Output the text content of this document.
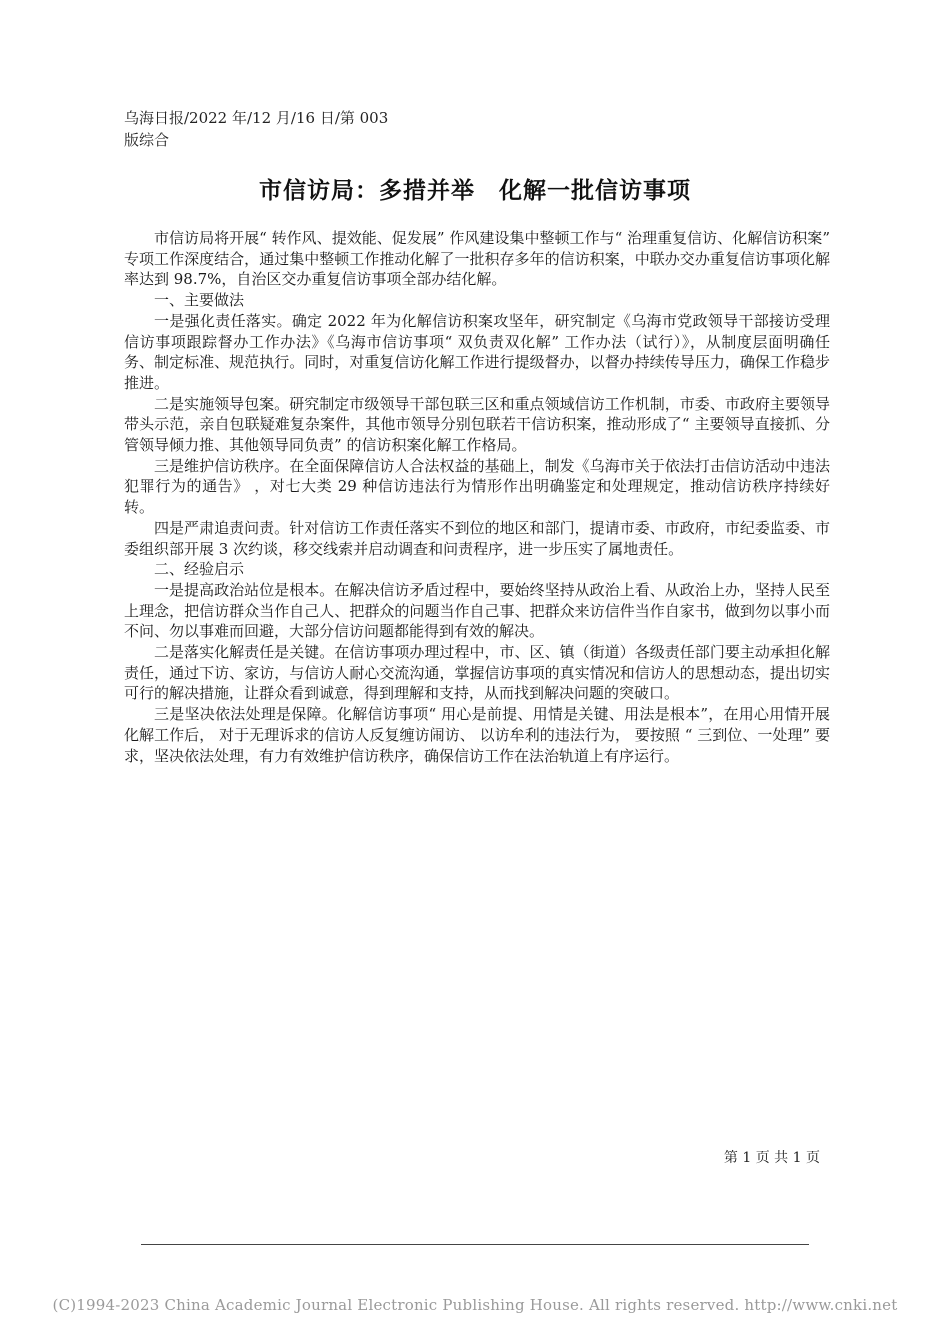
乌海日报/2022 年/12 月/16 日/第 003
版综合
市信访局：多措并举　化解一批信访事项

市信访局将开展“ 转作风、提效能、促发展” 作风建设集中整顿工作与“ 治理重复信访、化解信访积案” 专项工作深度结合，通过集中整顿工作推动化解了一批积存多年的信访积案，中联办交办重复信访事项化解率达到 98.7%，自治区交办重复信访事项全部办结化解。

一、主要做法

一是强化责任落实。确定 2022 年为化解信访积案攻坚年，研究制定《乌海市党政领导干部接访受理信访事项跟踪督办工作办法》《乌海市信访事项“ 双负责双化解” 工作办法（试行）》，从制度层面明确任务、制定标准、规范执行。同时，对重复信访化解工作进行提级督办，以督办持续传导压力，确保工作稳步推进。

二是实施领导包案。研究制定市级领导干部包联三区和重点领域信访工作机制，市委、市政府主要领导带头示范，亲自包联疑难复杂案件，其他市领导分别包联若干信访积案，推动形成了“ 主要领导直接抓、分管领导倾力推、其他领导同负责” 的信访积案化解工作格局。

三是维护信访秩序。在全面保障信访人合法权益的基础上，制发《乌海市关于依法打击信访活动中违法犯罪行为的通告》 ，对七大类 29 种信访违法行为情形作出明确鉴定和处理规定，推动信访秩序持续好转。

四是严肃追责问责。针对信访工作责任落实不到位的地区和部门，提请市委、市政府，市纪委监委、市委组织部开展 3 次约谈，移交线索并启动调查和问责程序，进一步压实了属地责任。

二、经验启示

一是提高政治站位是根本。在解决信访矛盾过程中，要始终坚持从政治上看、从政治上办，坚持人民至上理念，把信访群众当作自己人、把群众的问题当作自己事、把群众来访信件当作自家书，做到勿以事小而不问、勿以事难而回避，大部分信访问题都能得到有效的解决。

二是落实化解责任是关键。在信访事项办理过程中，市、区、镇（街道）各级责任部门要主动承担化解责任，通过下访、家访，与信访人耐心交流沟通，掌握信访事项的真实情况和信访人的思想动态，提出切实可行的解决措施，让群众看到诚意，得到理解和支持，从而找到解决问题的突破口。

三是坚决依法处理是保障。化解信访事项“ 用心是前提、用情是关键、用法是根本”，在用心用情开展化解工作后， 对于无理诉求的信访人反复缠访闹访、 以访牟利的违法行为， 要按照 “ 三到位、一处理” 要求，坚决依法处理，有力有效维护信访秩序，确保信访工作在法治轨道上有序运行。

第 1 页 共 1 页
(C)1994-2023 China Academic Journal Electronic Publishing House. All rights reserved. http://www.cnki.net
